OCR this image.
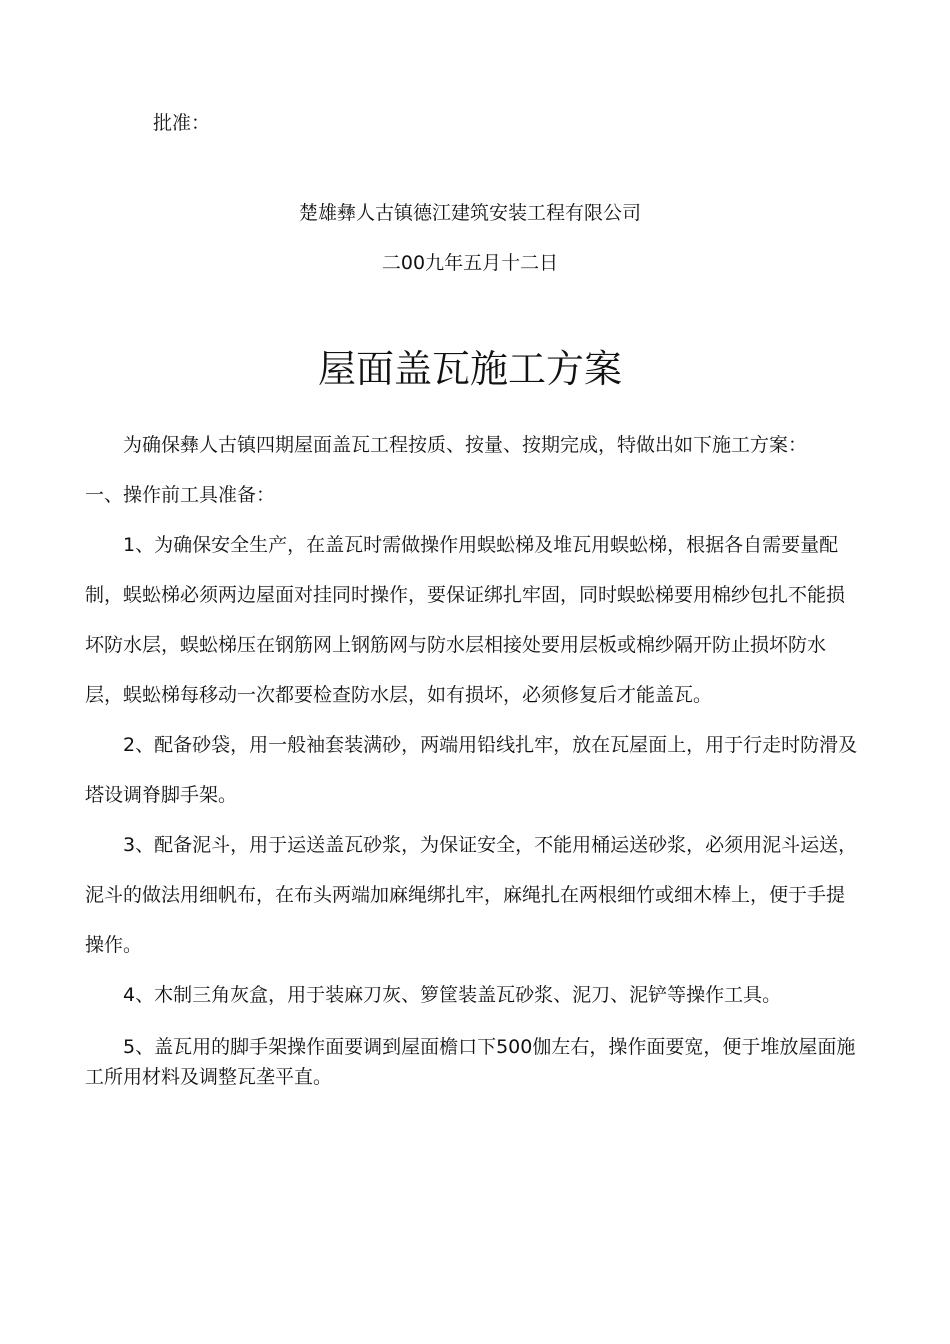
批准：
楚雄彝人古镇德江建筑安装工程有限公司
二00九年五月十二日
屋面盖瓦施工方案

为确保彝人古镇四期屋面盖瓦工程按质、按量、按期完成，特做出如下施工方案：

一、操作前工具准备：

1、为确保安全生产，在盖瓦时需做操作用蜈蚣梯及堆瓦用蜈蚣梯，根据各自需要量配制，蜈蚣梯必须两边屋面对挂同时操作，要保证绑扎牢固，同时蜈蚣梯要用棉纱包扎不能损坏防水层，蜈蚣梯压在钢筋网上钢筋网与防水层相接处要用层板或棉纱隔开防止损坏防水层，蜈蚣梯每移动一次都要检查防水层，如有损坏，必须修复后才能盖瓦。

2、配备砂袋，用一般袖套装满砂，两端用铅线扎牢，放在瓦屋面上，用于行走时防滑及塔设调脊脚手架。

3、配备泥斗，用于运送盖瓦砂浆，为保证安全，不能用桶运送砂浆，必须用泥斗运送，泥斗的做法用细帆布，在布头两端加麻绳绑扎牢，麻绳扎在两根细竹或细木棒上，便于手提操作。

4、木制三角灰盒，用于装麻刀灰、箩筐装盖瓦砂浆、泥刀、泥铲等操作工具。

5、盖瓦用的脚手架操作面要调到屋面檐口下500伽左右，操作面要宽，便于堆放屋面施工所用材料及调整瓦垄平直。
